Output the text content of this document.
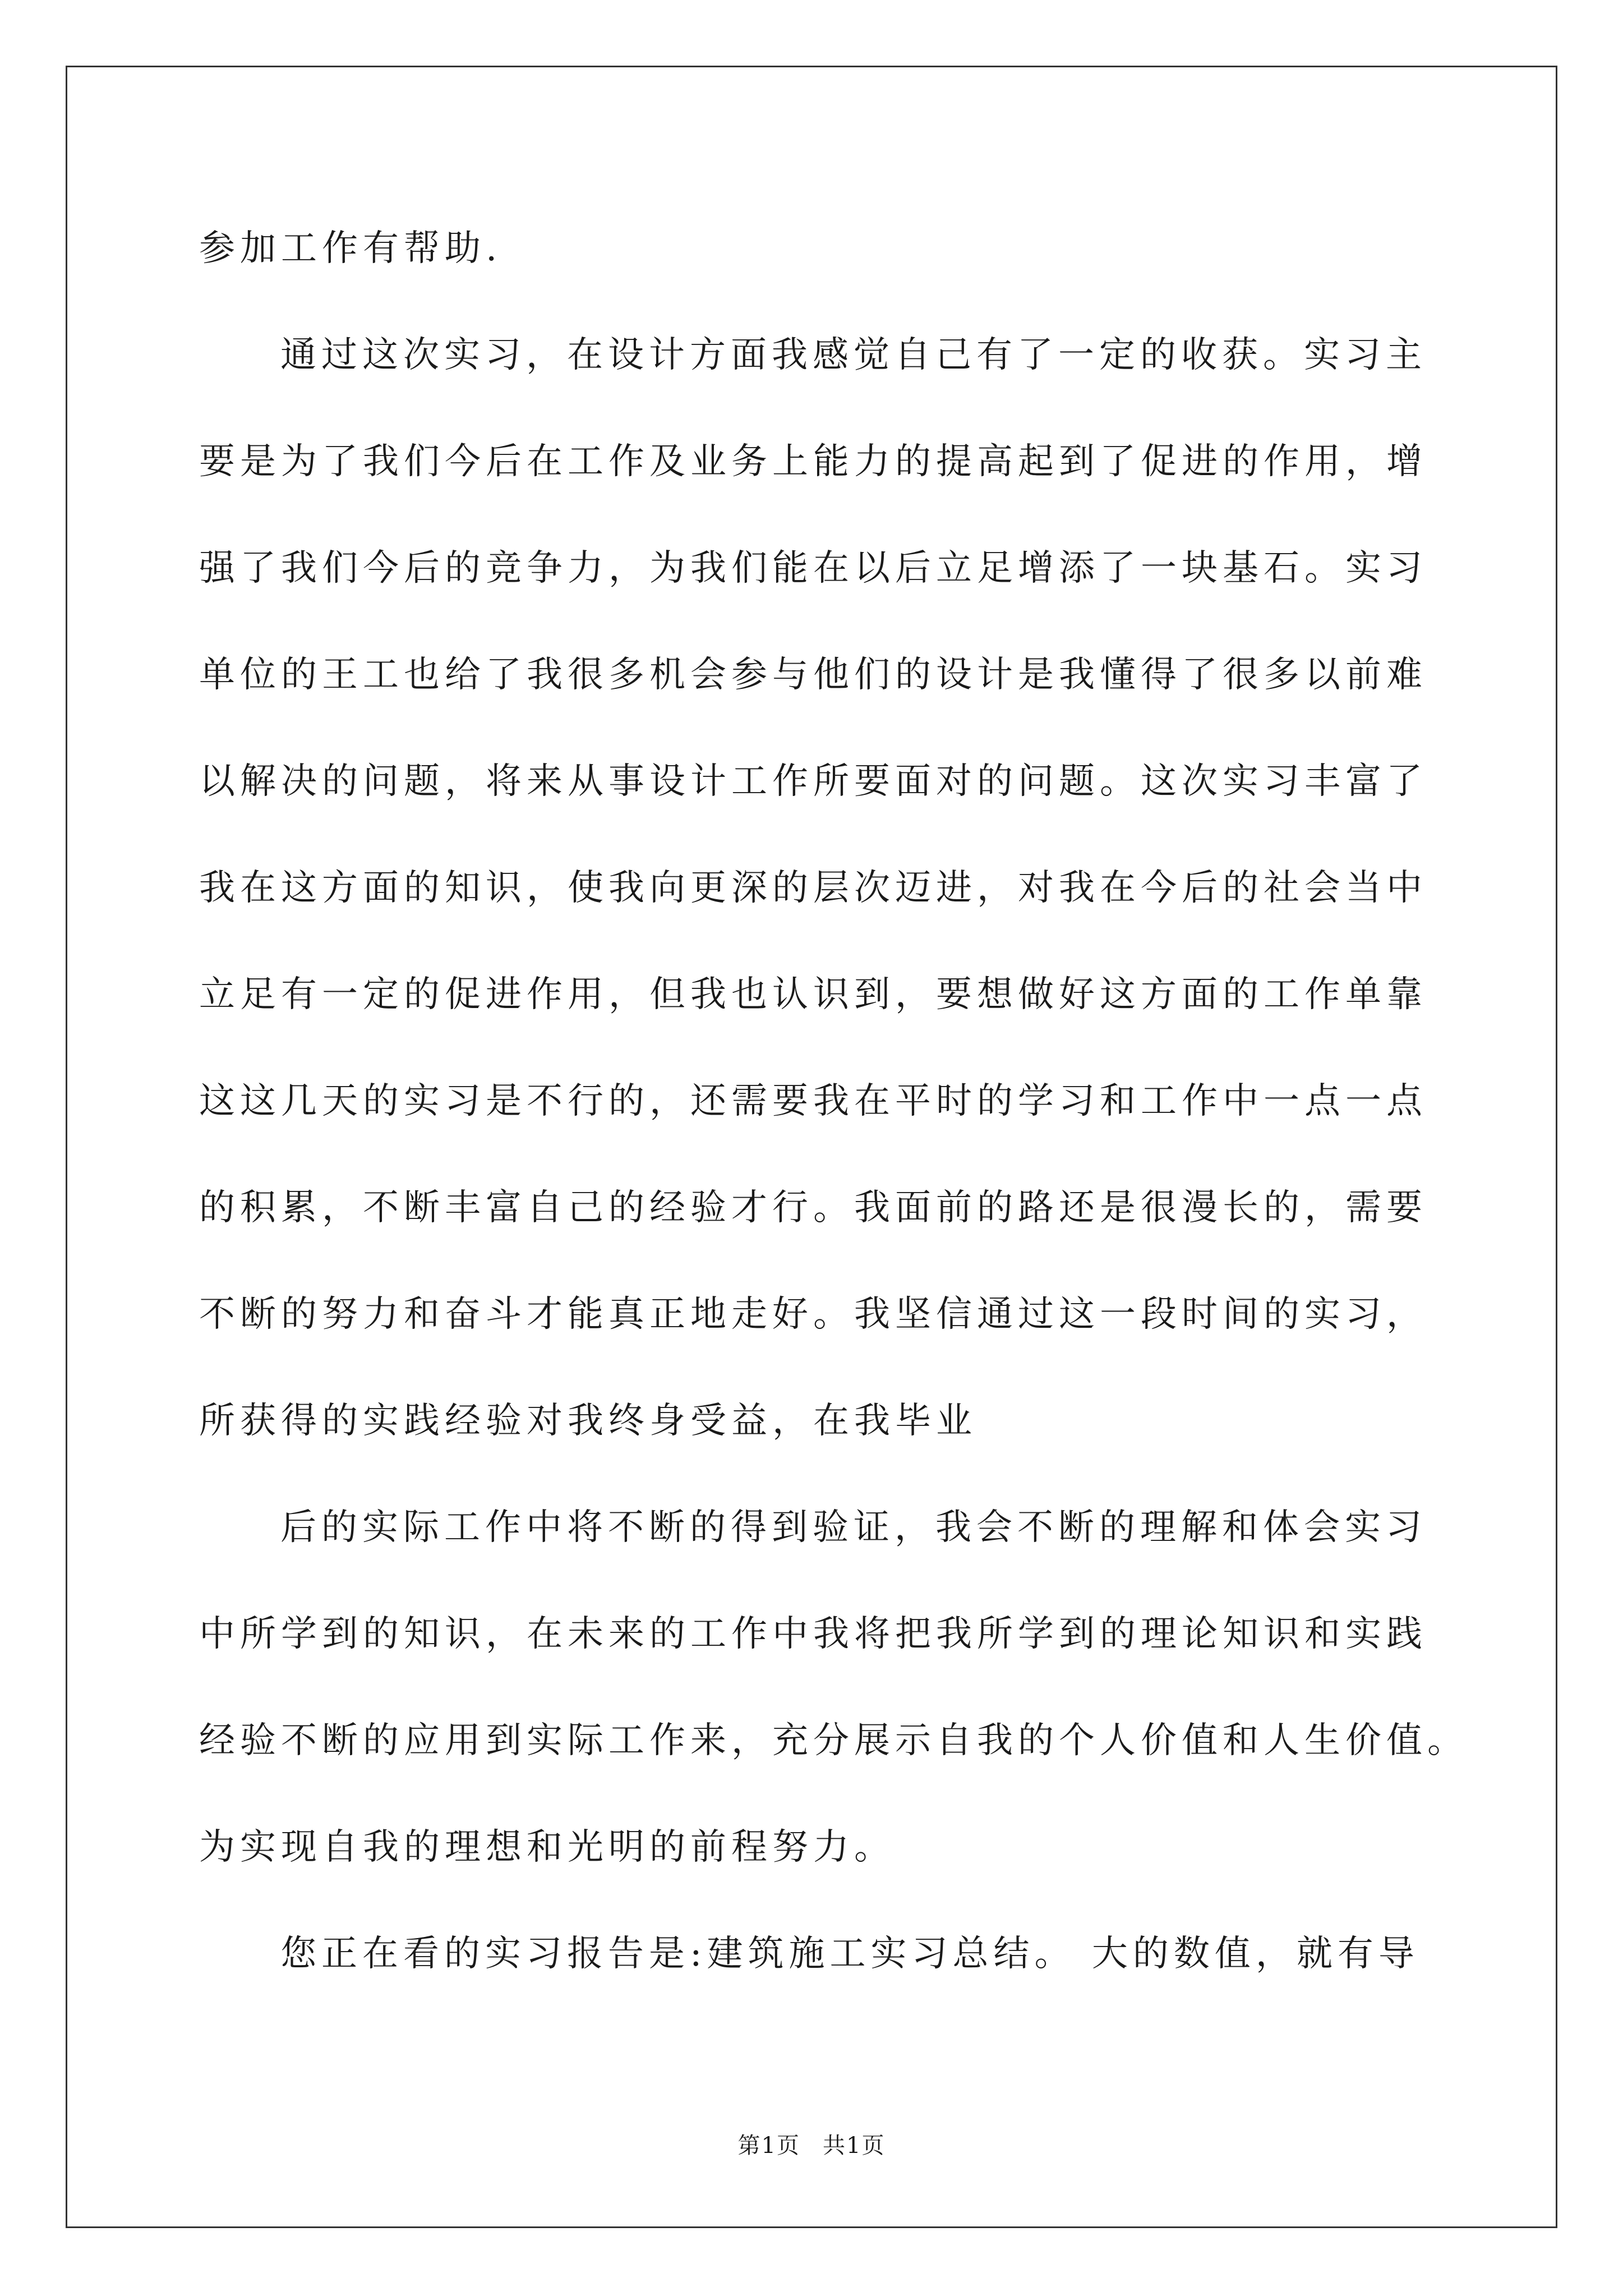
参加工作有帮助.
通过这次实习，在设计方面我感觉自己有了一定的收获。实习主
要是为了我们今后在工作及业务上能力的提高起到了促进的作用，增
强了我们今后的竞争力，为我们能在以后立足增添了一块基石。实习
单位的王工也给了我很多机会参与他们的设计是我懂得了很多以前难
以解决的问题，将来从事设计工作所要面对的问题。这次实习丰富了
我在这方面的知识，使我向更深的层次迈进，对我在今后的社会当中
立足有一定的促进作用，但我也认识到，要想做好这方面的工作单靠
这这几天的实习是不行的，还需要我在平时的学习和工作中一点一点
的积累，不断丰富自己的经验才行。我面前的路还是很漫长的，需要
不断的努力和奋斗才能真正地走好。我坚信通过这一段时间的实习，
所获得的实践经验对我终身受益，在我毕业
后的实际工作中将不断的得到验证，我会不断的理解和体会实习
中所学到的知识，在未来的工作中我将把我所学到的理论知识和实践
经验不断的应用到实际工作来，充分展示自我的个人价值和人生价值。
为实现自我的理想和光明的前程努力。
您正在看的实习报告是:建筑施工实习总结。 大的数值，就有导
第1页 共1页
